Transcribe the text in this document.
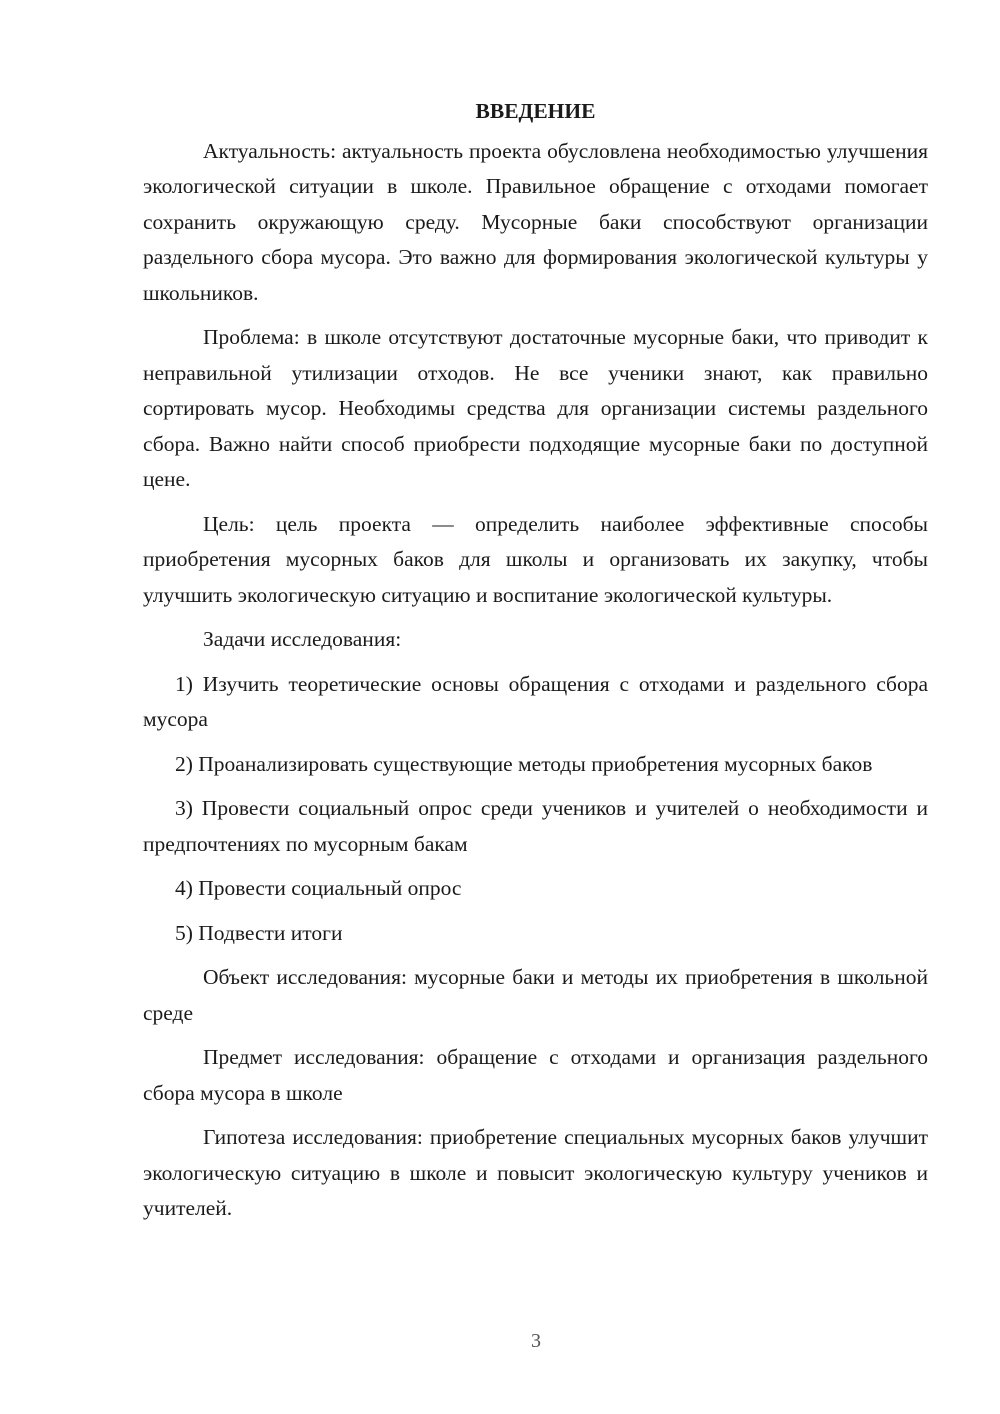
ВВЕДЕНИЕ

Актуальность: актуальность проекта обусловлена необходимостью улучшения экологической ситуации в школе. Правильное обращение с отходами помогает сохранить окружающую среду. Мусорные баки способствуют организации раздельного сбора мусора. Это важно для формирования экологической культуры у школьников.

Проблема: в школе отсутствуют достаточные мусорные баки, что приводит к неправильной утилизации отходов. Не все ученики знают, как правильно сортировать мусор. Необходимы средства для организации системы раздельного сбора. Важно найти способ приобрести подходящие мусорные баки по доступной цене.

Цель: цель проекта — определить наиболее эффективные способы приобретения мусорных баков для школы и организовать их закупку, чтобы улучшить экологическую ситуацию и воспитание экологической культуры.

Задачи исследования:

1) Изучить теоретические основы обращения с отходами и раздельного сбора мусора

2) Проанализировать существующие методы приобретения мусорных баков

3) Провести социальный опрос среди учеников и учителей о необходимости и предпочтениях по мусорным бакам

4) Провести социальный опрос

5) Подвести итоги

Объект исследования: мусорные баки и методы их приобретения в школьной среде

Предмет исследования: обращение с отходами и организация раздельного сбора мусора в школе

Гипотеза исследования: приобретение специальных мусорных баков улучшит экологическую ситуацию в школе и повысит экологическую культуру учеников и учителей.

3
